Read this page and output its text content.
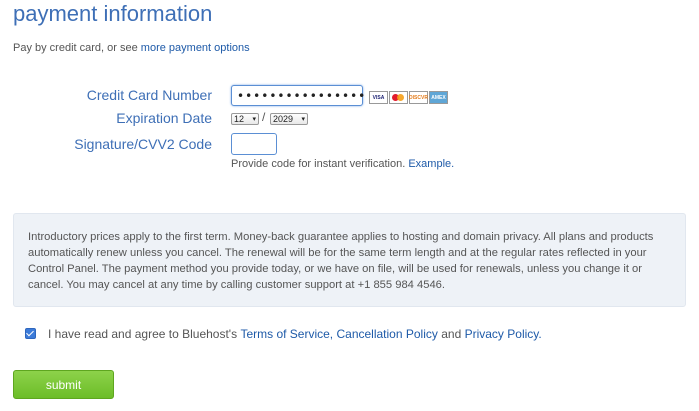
payment information
Pay by credit card, or see more payment options
Credit Card Number	••••••••••••••••	VISA	DISCVR AMEX
Expiration Date 12 ▾ / 2029 ▾
Signature/CVV2 Code
Provide code for instant verification. Example.
Introductory prices apply to the first term. Money-back guarantee applies to hosting and domain privacy. All plans and products automatically renew unless you cancel. The renewal will be for the same term length and at the regular rates reflected in your Control Panel. The payment method you provide today, or we have on file, will be used for renewals, unless you change it or cancel. You may cancel at any time by calling customer support at +1 855 984 4546.
I have read and agree to Bluehost's
Terms of Service,
Cancellation Policy
and
Privacy Policy.
submit
